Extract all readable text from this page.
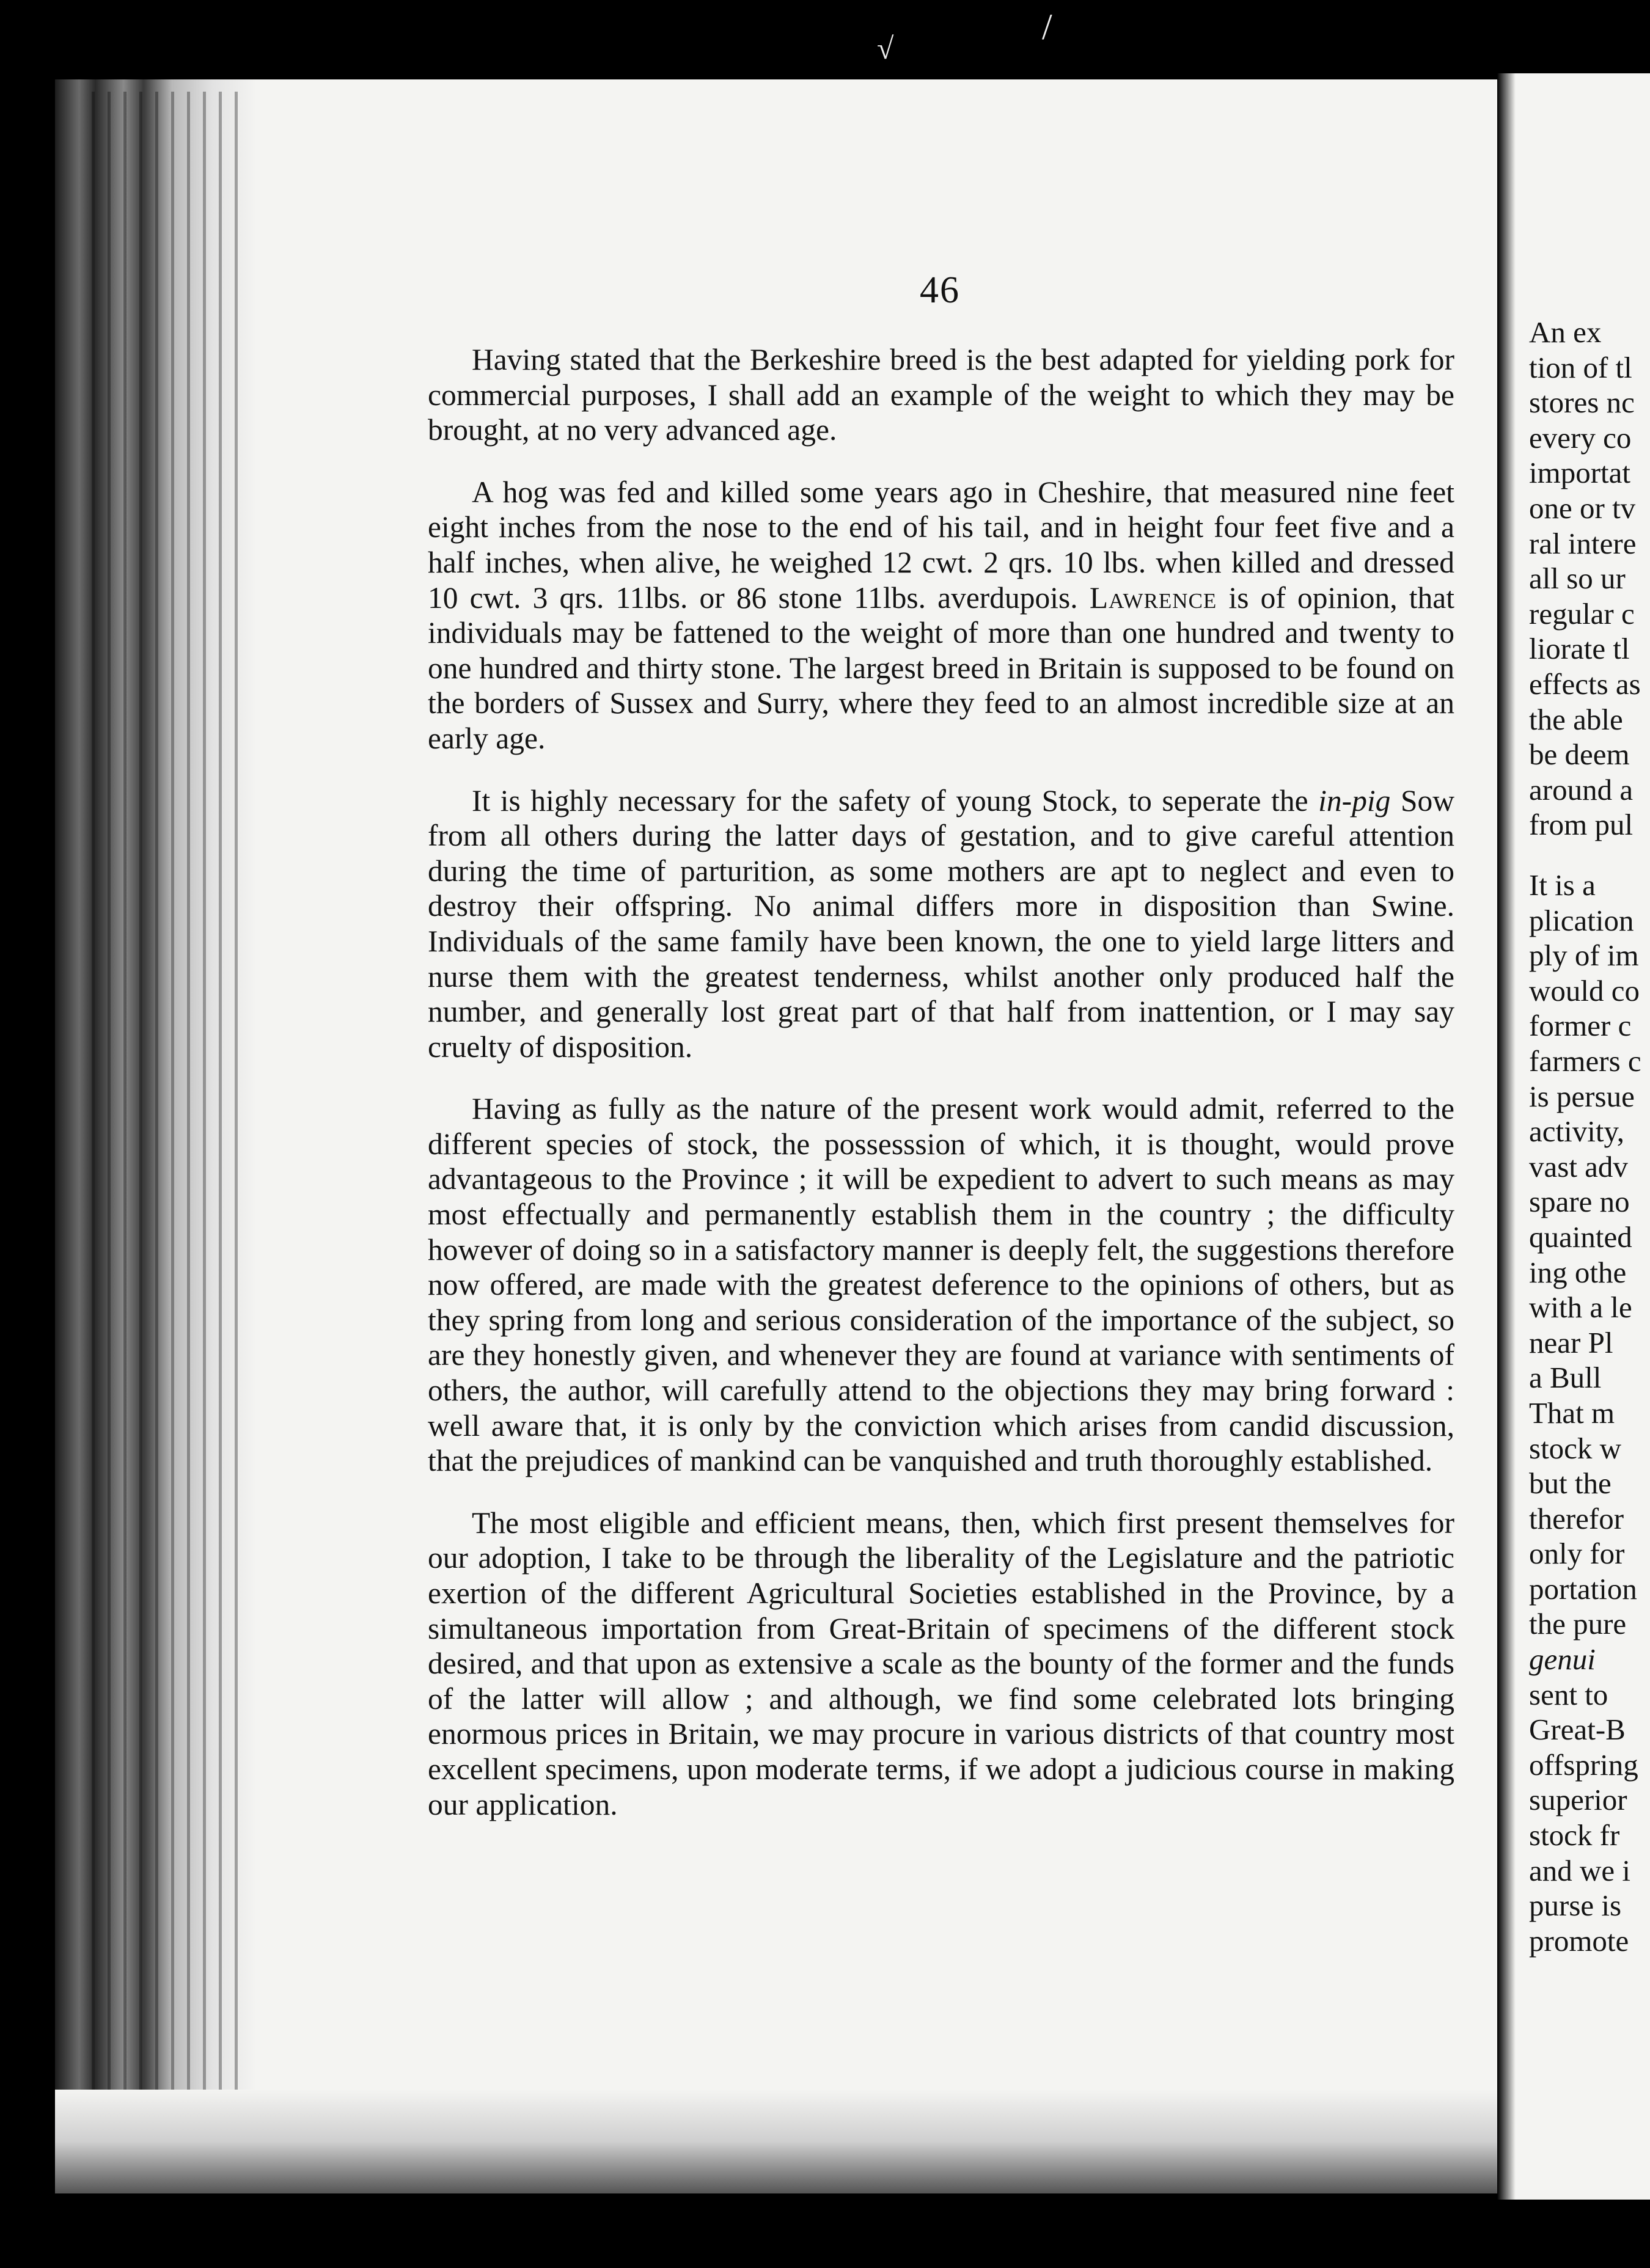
/
√
46

Having stated that the Berkeshire breed is the best adapted for yielding pork for commercial purposes, I shall add an example of the weight to which they may be brought, at no very advanced age.

A hog was fed and killed some years ago in Cheshire, that measured nine feet eight inches from the nose to the end of his tail, and in height four feet five and a half inches, when alive, he weighed 12 cwt. 2 qrs. 10 lbs. when killed and dressed 10 cwt. 3 qrs. 11lbs. or 86 stone 11lbs. averdupois. Lawrence is of opinion, that individuals may be fattened to the weight of more than one hundred and twenty to one hundred and thirty stone. The largest breed in Britain is supposed to be found on the borders of Sussex and Surry, where they feed to an almost incredible size at an early age.

It is highly necessary for the safety of young Stock, to seperate the in-pig Sow from all others during the latter days of gestation, and to give careful attention during the time of parturition, as some mothers are apt to neglect and even to destroy their offspring. No animal differs more in disposition than Swine. Individuals of the same family have been known, the one to yield large litters and nurse them with the greatest tenderness, whilst another only produced half the number, and generally lost great part of that half from inattention, or I may say cruelty of disposition.

Having as fully as the nature of the present work would admit, referred to the different species of stock, the possesssion of which, it is thought, would prove advantageous to the Province ; it will be expedient to advert to such means as may most effectually and permanently establish them in the country ; the difficulty however of doing so in a satisfactory manner is deeply felt, the suggestions therefore now offered, are made with the greatest deference to the opinions of others, but as they spring from long and serious consideration of the importance of the subject, so are they honestly given, and whenever they are found at variance with sentiments of others, the author, will carefully attend to the objections they may bring forward : well aware that, it is only by the conviction which arises from candid discussion, that the prejudices of mankind can be vanquished and truth thoroughly established.

The most eligible and efficient means, then, which first present themselves for our adoption, I take to be through the liberality of the Legislature and the patriotic exertion of the different Agricultural Societies established in the Province, by a simultaneous importation from Great-Britain of specimens of the different stock desired, and that upon as extensive a scale as the bounty of the former and the funds of the latter will allow ; and although, we find some celebrated lots bringing enormous prices in Britain, we may procure in various districts of that country most excellent specimens, upon moderate terms, if we adopt a judicious course in making our application.

An ex
tion of tl
stores nc
every co
importat
one or tv
ral intere
all so ur
regular c
liorate tl
effects as
the able
be deem
around a
from pul
It is a
plication
ply of im
would co
former c
farmers c
is persue
activity,
vast adv
spare no
quainted
ing othe
with a le
near Pl
a Bull
That m
stock w
but the
therefor
only for
portation
the pure
genui
sent to
Great-B
offspring
superior
stock fr
and we i
purse is
promote
